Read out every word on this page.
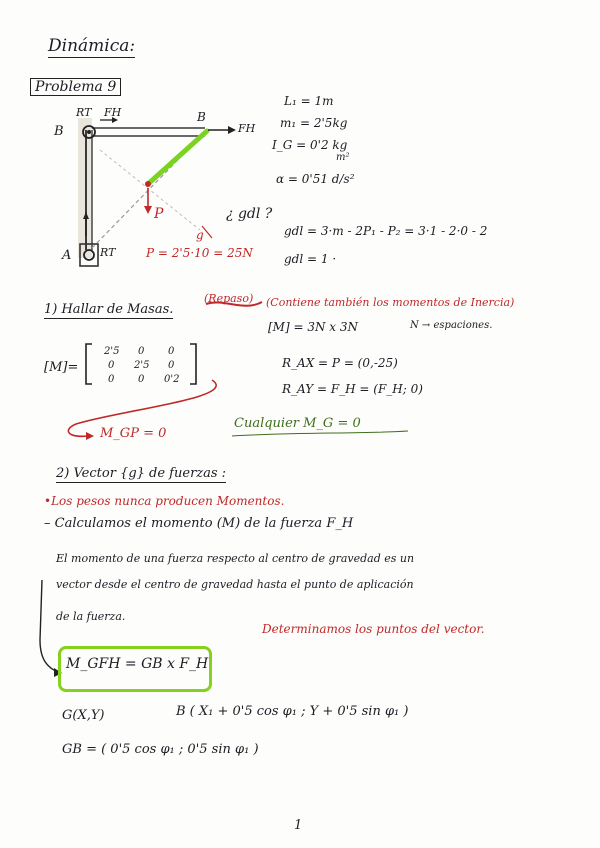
Dinámica:
Problema 9
B
RT FH	B
FH
P
A	RT
g
L₁ = 1m
m₁ = 2'5kg
I_G = 0'2 kg
m²
α = 0'51 d/s²
¿ gdl ?
gdl = 3·m - 2P₁ - P₂ = 3·1 - 2·0 - 2
gdl = 1 ·
P = 2'5·10 = 25N
1) Hallar de Masas.
(Repaso) (Contiene también los momentos de Inercia)
[M] = 3N x 3N	N → espaciones.
[M]=
2'5 0 0
0 2'5 0
0 0 0'2
R_AX = P = (0,-25)
R_AY = F_H = (F_H; 0)
M_GP = 0
Cualquier M_G = 0
2) Vector {g} de fuerzas :
•Los pesos nunca producen Momentos.
– Calculamos el momento (M) de la fuerza F_H
El momento de una fuerza respecto al centro de gravedad es un
vector desde el centro de gravedad hasta el punto de aplicación
de la fuerza.
Determinamos los puntos del vector.
M_GFH = GB x F_H
G(X,Y)	B ( X₁ + 0'5 cos φ₁ ; Y + 0'5 sin φ₁ )
GB = ( 0'5 cos φ₁ ; 0'5 sin φ₁ )
1
